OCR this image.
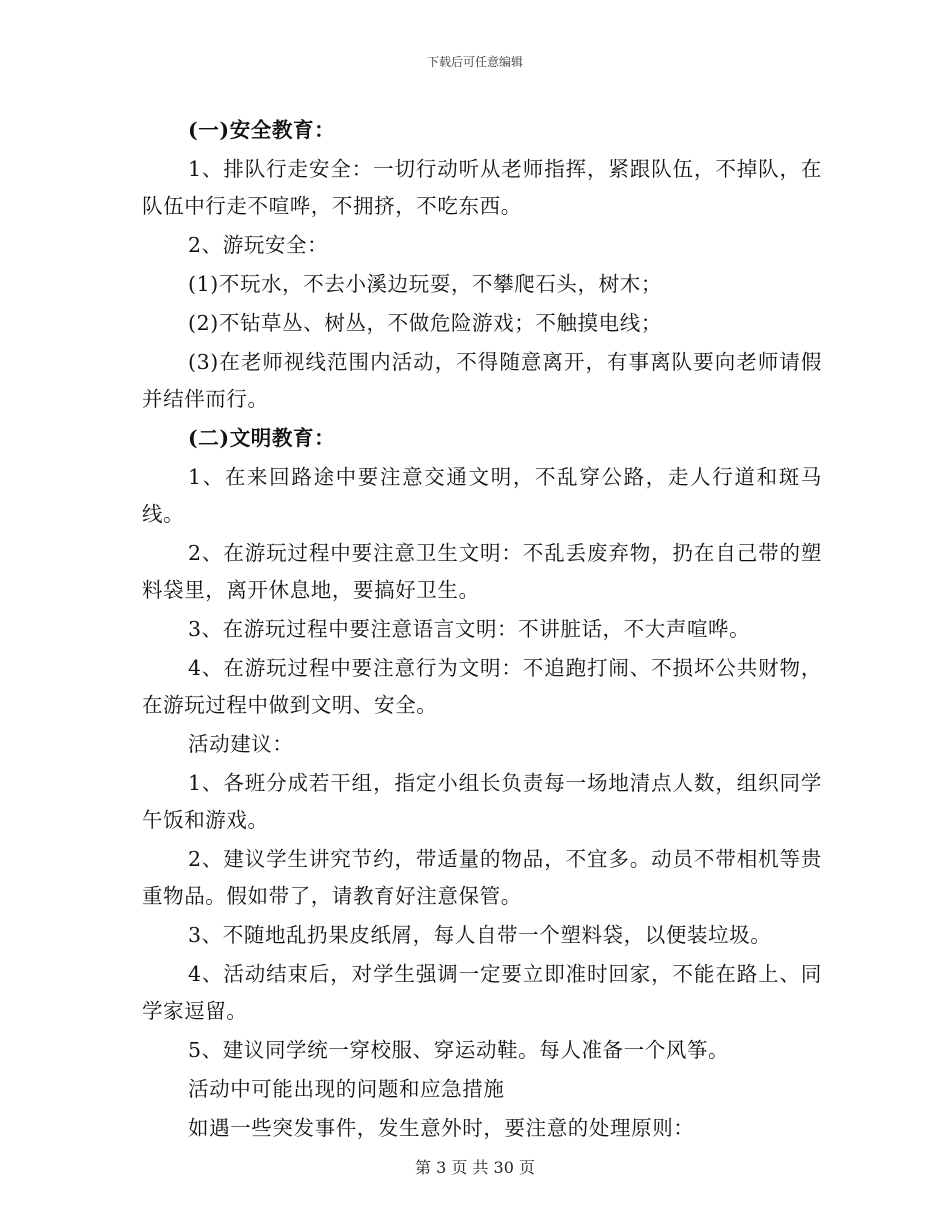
下载后可任意编辑

(一)安全教育：

1、排队行走安全：一切行动听从老师指挥，紧跟队伍，不掉队，在队伍中行走不喧哗，不拥挤，不吃东西。

2、游玩安全：

(1)不玩水，不去小溪边玩耍，不攀爬石头，树木；

(2)不钻草丛、树丛，不做危险游戏；不触摸电线；

(3)在老师视线范围内活动，不得随意离开，有事离队要向老师请假并结伴而行。

(二)文明教育：

1、在来回路途中要注意交通文明，不乱穿公路，走人行道和斑马线。

2、在游玩过程中要注意卫生文明：不乱丢废弃物，扔在自己带的塑料袋里，离开休息地，要搞好卫生。

3、在游玩过程中要注意语言文明：不讲脏话，不大声喧哗。

4、在游玩过程中要注意行为文明：不追跑打闹、不损坏公共财物，在游玩过程中做到文明、安全。

活动建议：

1、各班分成若干组，指定小组长负责每一场地清点人数，组织同学午饭和游戏。

2、建议学生讲究节约，带适量的物品，不宜多。动员不带相机等贵重物品。假如带了，请教育好注意保管。

3、不随地乱扔果皮纸屑，每人自带一个塑料袋，以便装垃圾。

4、活动结束后，对学生强调一定要立即准时回家，不能在路上、同学家逗留。

5、建议同学统一穿校服、穿运动鞋。每人准备一个风筝。

活动中可能出现的问题和应急措施

如遇一些突发事件，发生意外时，要注意的处理原则：

第 3 页 共 30 页
